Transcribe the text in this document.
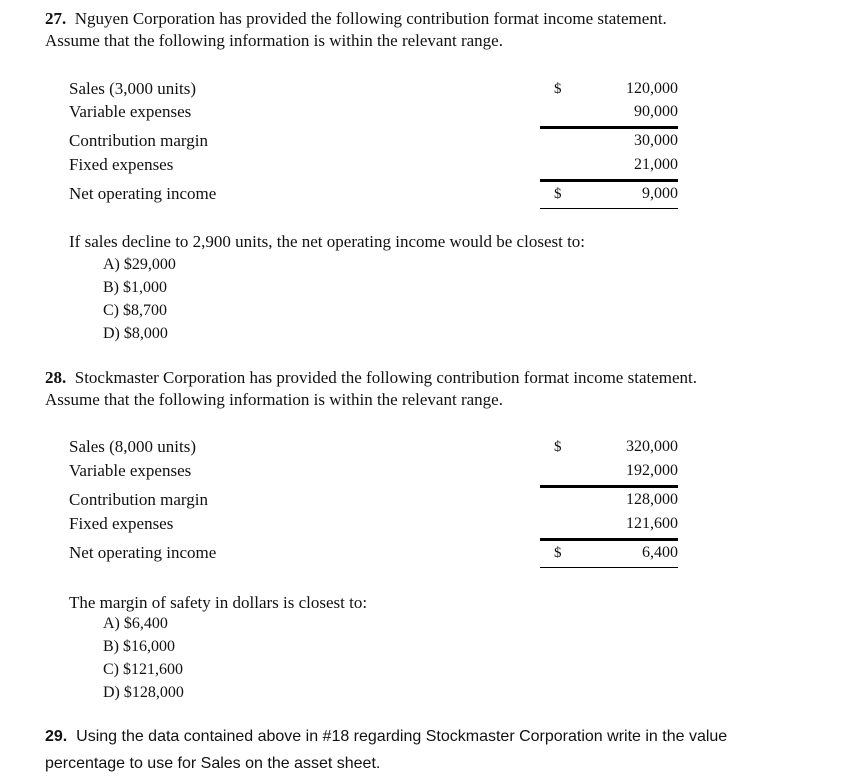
27. Nguyen Corporation has provided the following contribution format income statement.
Assume that the following information is within the relevant range.
Sales (3,000 units)	$	120,000
Variable expenses	90,000
Contribution margin	30,000
Fixed expenses	21,000
Net operating income	$	9,000
If sales decline to 2,900 units, the net operating income would be closest to:
A) $29,000
B) $1,000
C) $8,700
D) $8,000
28. Stockmaster Corporation has provided the following contribution format income statement.
Assume that the following information is within the relevant range.
Sales (8,000 units)	$	320,000
Variable expenses	192,000
Contribution margin	128,000
Fixed expenses	121,600
Net operating income	$	6,400
The margin of safety in dollars is closest to:
A) $6,400
B) $16,000
C) $121,600
D) $128,000
29. Using the data contained above in #18 regarding Stockmaster Corporation write in the value
percentage to use for Sales on the asset sheet.
